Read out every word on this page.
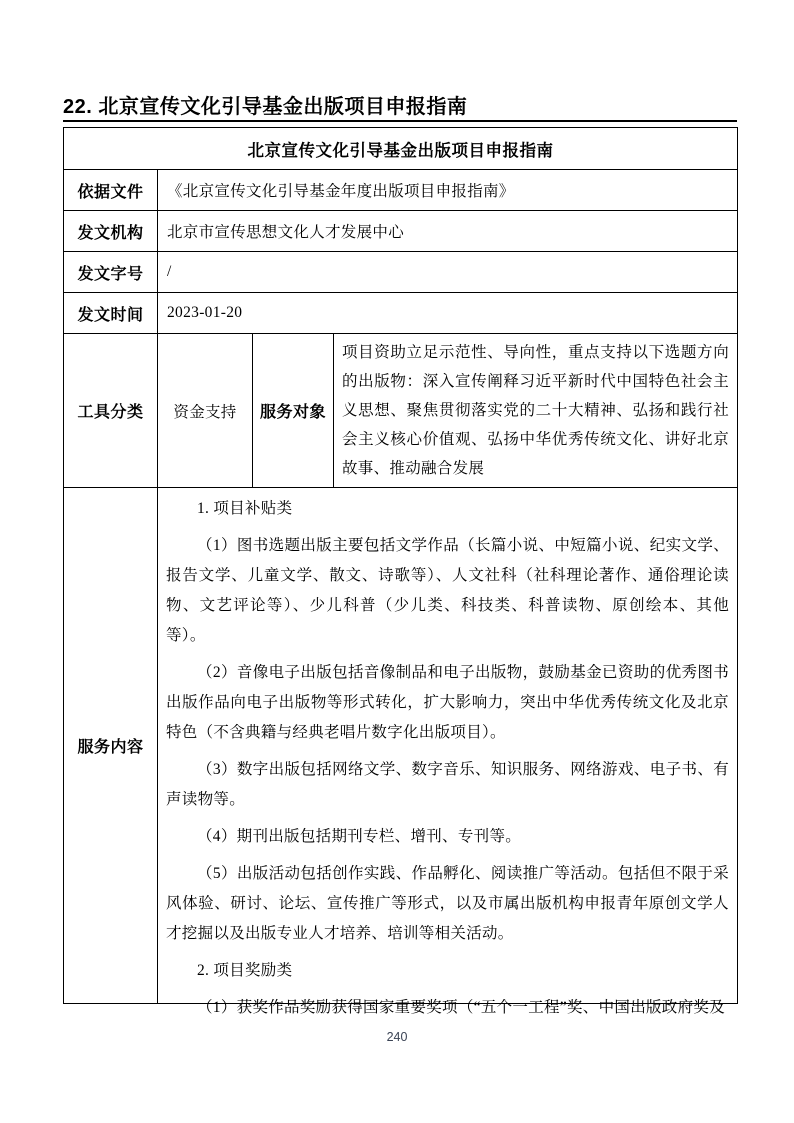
22. 北京宣传文化引导基金出版项目申报指南
北京宣传文化引导基金出版项目申报指南			
依据文件	《北京宣传文化引导基金年度出版项目申报指南》		
发文机构	北京市宣传思想文化人才发展中心		
发文字号	/		
发文时间	2023-01-20		
工具分类	资金支持	服务对象	项目资助立足示范性、导向性，重点支持以下选题方向的出版物：深入宣传阐释习近平新时代中国特色社会主义思想、聚焦贯彻落实党的二十大精神、弘扬和践行社会主义核心价值观、弘扬中华优秀传统文化、讲好北京故事、推动融合发展
服务内容	

1. 项目补贴类

（1）图书选题出版主要包括文学作品（长篇小说、中短篇小说、纪实文学、报告文学、儿童文学、散文、诗歌等）、人文社科（社科理论著作、通俗理论读物、文艺评论等）、少儿科普（少儿类、科技类、科普读物、原创绘本、其他等）。

（2）音像电子出版包括音像制品和电子出版物，鼓励基金已资助的优秀图书出版作品向电子出版物等形式转化，扩大影响力，突出中华优秀传统文化及北京特色（不含典籍与经典老唱片数字化出版项目）。

（3）数字出版包括网络文学、数字音乐、知识服务、网络游戏、电子书、有声读物等。

（4）期刊出版包括期刊专栏、增刊、专刊等。

（5）出版活动包括创作实践、作品孵化、阅读推广等活动。包括但不限于采风体验、研讨、论坛、宣传推广等形式，以及市属出版机构申报青年原创文学人才挖掘以及出版专业人才培养、培训等相关活动。

2. 项目奖励类

（1）获奖作品奖励获得国家重要奖项（“五个一工程”奖、中国出版政府奖及

240
